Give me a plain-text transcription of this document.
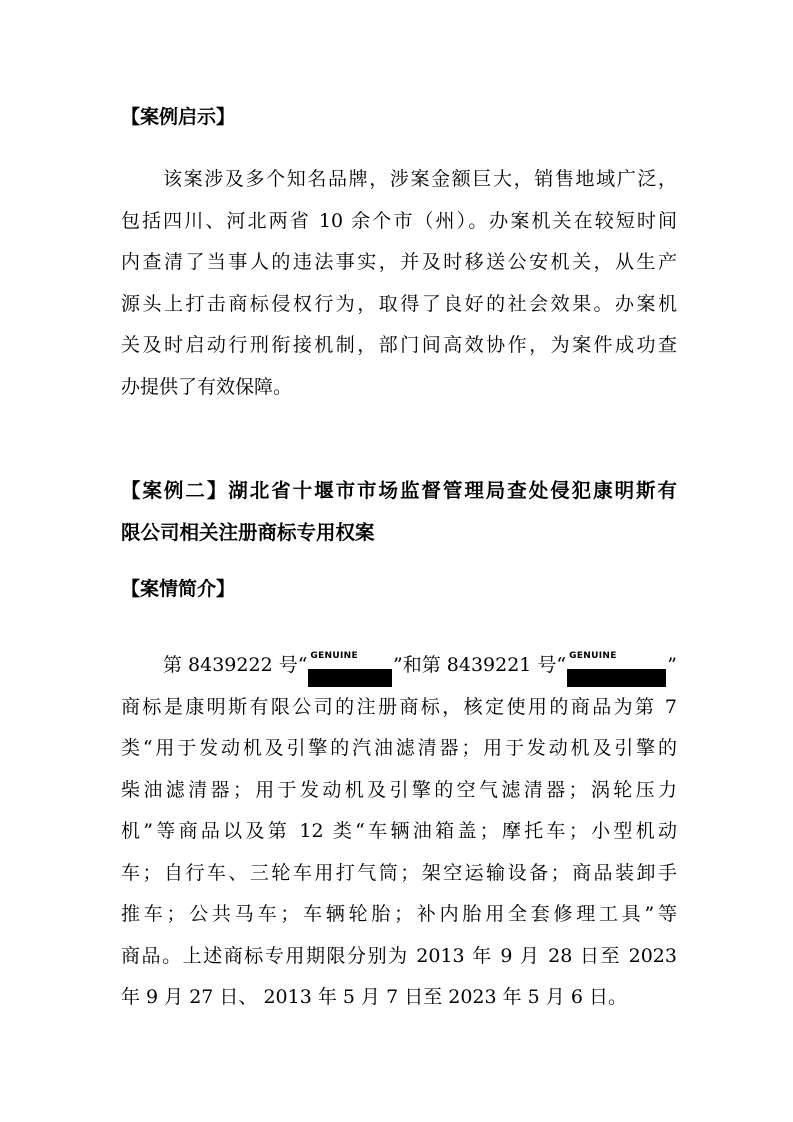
【案例启示】
该案涉及多个知名品牌，涉案金额巨大，销售地域广泛，
包括四川、河北两省 10 余个市（州）。办案机关在较短时间
内查清了当事人的违法事实，并及时移送公安机关，从生产
源头上打击商标侵权行为，取得了良好的社会效果。办案机
关及时启动行刑衔接机制，部门间高效协作，为案件成功查
办提供了有效保障。
【案例二】湖北省十堰市市场监督管理局查处侵犯康明斯有
限公司相关注册商标专用权案
【案情简介】
第 8439222 号“ GENUINE
PARTS	”和第 8439221 号“ GENUINE
PARTS	”
商标是康明斯有限公司的注册商标，核定使用的商品为第 7
类“用于发动机及引擎的汽油滤清器；用于发动机及引擎的
柴油滤清器；用于发动机及引擎的空气滤清器；涡轮压力
机”等商品以及第 12 类“车辆油箱盖；摩托车；小型机动
车；自行车、三轮车用打气筒；架空运输设备；商品装卸手
推车；公共马车；车辆轮胎；补内胎用全套修理工具”等
商品。上述商标专用期限分别为 2013 年 9 月 28 日至 2023
年 9 月 27 日、 2013 年 5 月 7 日至 2023 年 5 月 6 日。
